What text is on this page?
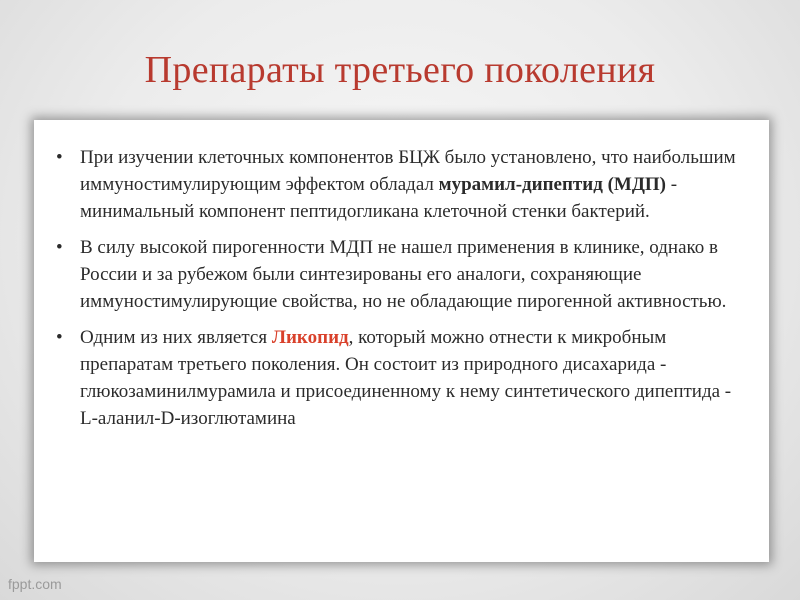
Препараты третьего поколения
• При изучении клеточных компонентов БЦЖ было установлено, что наибольшим иммуностимулирующим эффектом обладал мурамил-дипептид (МДП) - минимальный компонент пептидогликана клеточной стенки бактерий.
• В силу высокой пирогенности МДП не нашел применения в клинике, однако в России и за рубежом были синтезированы его аналоги, сохраняющие иммуностимулирующие свойства, но не обладающие пирогенной активностью.
• Одним из них является Ликопид, который можно отнести к микробным препаратам третьего поколения. Он состоит из природного дисахарида - глюкозаминилмурамила и присоединенному к нему синтетического дипептида - L-аланил-D-изоглютамина
fppt.com
